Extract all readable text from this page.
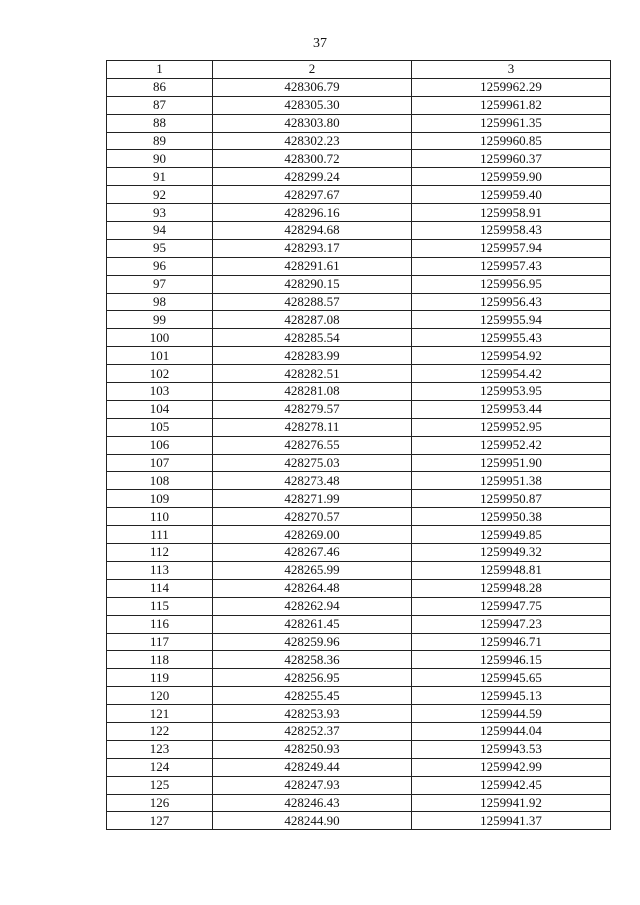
37
1	2	3
86	428306.79	1259962.29
87	428305.30	1259961.82
88	428303.80	1259961.35
89	428302.23	1259960.85
90	428300.72	1259960.37
91	428299.24	1259959.90
92	428297.67	1259959.40
93	428296.16	1259958.91
94	428294.68	1259958.43
95	428293.17	1259957.94
96	428291.61	1259957.43
97	428290.15	1259956.95
98	428288.57	1259956.43
99	428287.08	1259955.94
100	428285.54	1259955.43
101	428283.99	1259954.92
102	428282.51	1259954.42
103	428281.08	1259953.95
104	428279.57	1259953.44
105	428278.11	1259952.95
106	428276.55	1259952.42
107	428275.03	1259951.90
108	428273.48	1259951.38
109	428271.99	1259950.87
110	428270.57	1259950.38
111	428269.00	1259949.85
112	428267.46	1259949.32
113	428265.99	1259948.81
114	428264.48	1259948.28
115	428262.94	1259947.75
116	428261.45	1259947.23
117	428259.96	1259946.71
118	428258.36	1259946.15
119	428256.95	1259945.65
120	428255.45	1259945.13
121	428253.93	1259944.59
122	428252.37	1259944.04
123	428250.93	1259943.53
124	428249.44	1259942.99
125	428247.93	1259942.45
126	428246.43	1259941.92
127	428244.90	1259941.37
